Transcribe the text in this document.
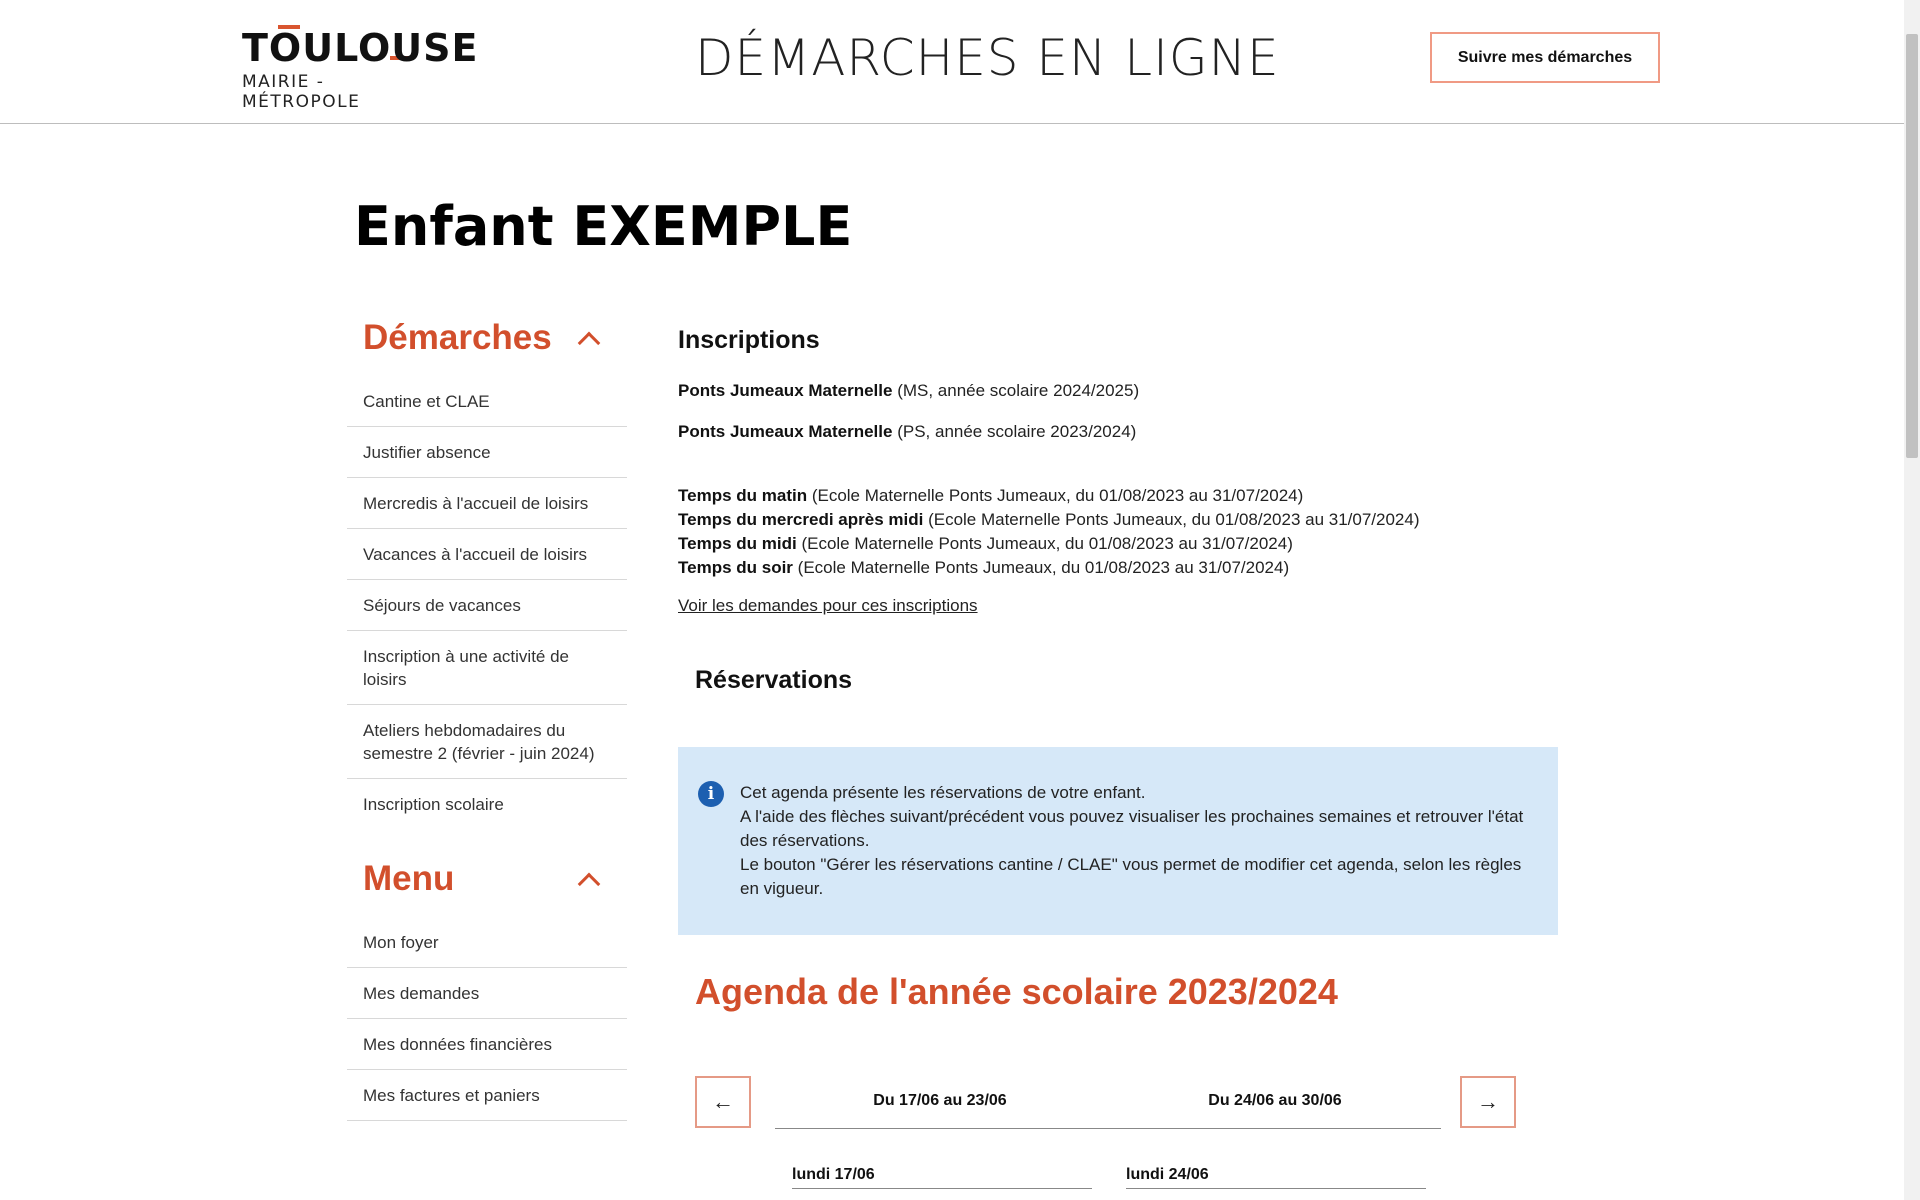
TOULOUSE
MAIRIE - MÉTROPOLE
DÉMARCHES EN LIGNE	Suivre mes démarches
Enfant EXEMPLE
Démarches
Cantine et CLAE
Justifier absence
Mercredis à l'accueil de loisirs
Vacances à l'accueil de loisirs
Séjours de vacances
Inscription à une activité de loisirs
Ateliers hebdomadaires du semestre 2 (février - juin 2024)
Inscription scolaire
Menu
Mon foyer
Mes demandes
Mes données financières
Mes factures et paniers
Inscriptions

Ponts Jumeaux Maternelle (MS, année scolaire 2024/2025)

Ponts Jumeaux Maternelle (PS, année scolaire 2023/2024)

Temps du matin (Ecole Maternelle Ponts Jumeaux, du 01/08/2023 au 31/07/2024)

Temps du mercredi après midi (Ecole Maternelle Ponts Jumeaux, du 01/08/2023 au 31/07/2024)

Temps du midi (Ecole Maternelle Ponts Jumeaux, du 01/08/2023 au 31/07/2024)

Temps du soir (Ecole Maternelle Ponts Jumeaux, du 01/08/2023 au 31/07/2024)

Voir les demandes pour ces inscriptions
Réservations
i	Cet agenda présente les réservations de votre enfant.

A l'aide des flèches suivant/précédent vous pouvez visualiser les prochaines semaines et retrouver l'état des réservations.

Le bouton "Gérer les réservations cantine / CLAE" vous permet de modifier cet agenda, selon les règles en vigueur.

Agenda de l'année scolaire 2023/2024
←	Du 17/06 au 23/06	Du 24/06 au 30/06	→
lundi 17/06	lundi 24/06
